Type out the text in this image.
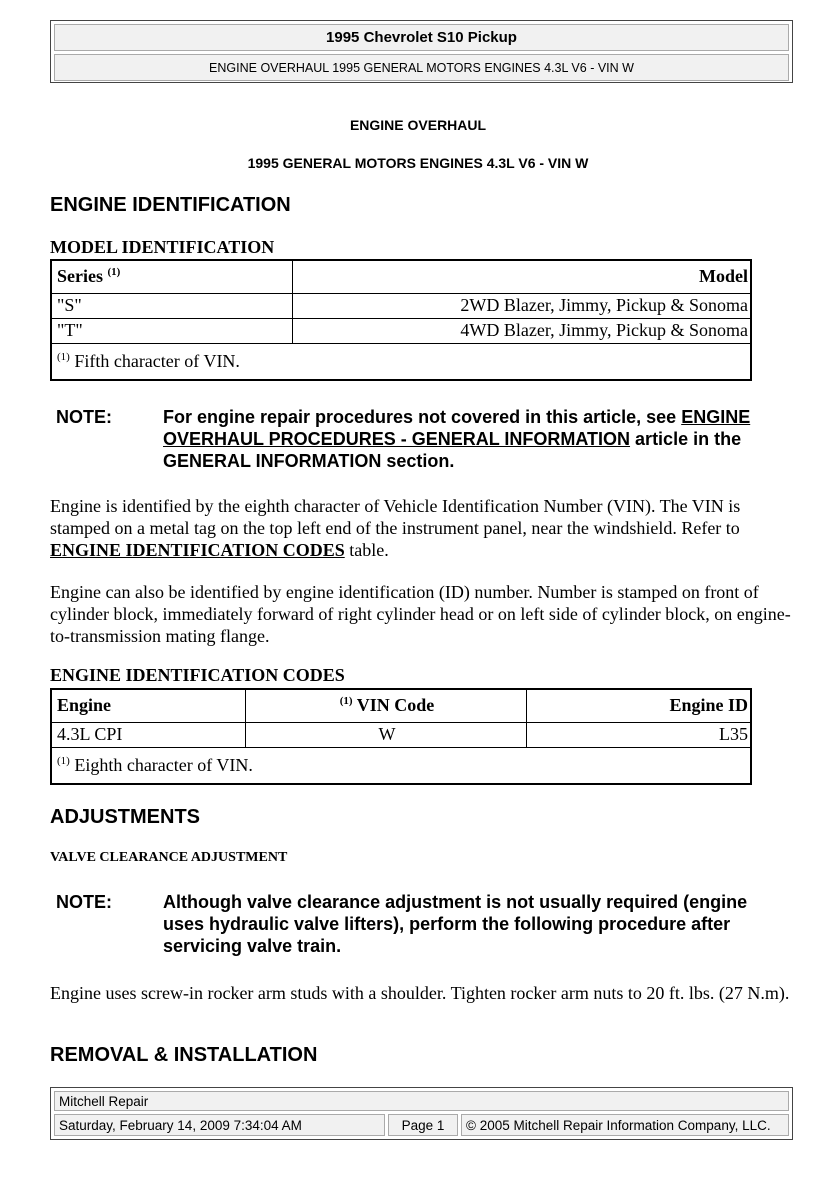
1995 Chevrolet S10 Pickup
ENGINE OVERHAUL 1995 GENERAL MOTORS ENGINES 4.3L V6 - VIN W
ENGINE OVERHAUL
1995 GENERAL MOTORS ENGINES 4.3L V6 - VIN W
ENGINE IDENTIFICATION
MODEL IDENTIFICATION
Series $^{(1)}$	Model
"S"	2WD Blazer, Jimmy, Pickup & Sonoma
"T"	4WD Blazer, Jimmy, Pickup & Sonoma
$^{(1)}$ Fifth character of VIN.	
NOTE:	For engine repair procedures not covered in this article, see ENGINE OVERHAUL PROCEDURES - GENERAL INFORMATION article in the GENERAL INFORMATION section.
Engine is identified by the eighth character of Vehicle Identification Number (VIN). The VIN is stamped on a metal tag on the top left end of the instrument panel, near the windshield. Refer to ENGINE IDENTIFICATION CODES table.
Engine can also be identified by engine identification (ID) number. Number is stamped on front of cylinder block, immediately forward of right cylinder head or on left side of cylinder block, on engine-to-transmission mating flange.
ENGINE IDENTIFICATION CODES
Engine	$^{(1)}$ VIN Code	Engine ID
4.3L CPI	W	L35
$^{(1)}$ Eighth character of VIN.		
ADJUSTMENTS
VALVE CLEARANCE ADJUSTMENT
NOTE:	Although valve clearance adjustment is not usually required (engine uses hydraulic valve lifters), perform the following procedure after servicing valve train.
Engine uses screw-in rocker arm studs with a shoulder. Tighten rocker arm nuts to 20 ft. lbs. (27 N.m).
REMOVAL & INSTALLATION
Mitchell Repair
Saturday, February 14, 2009 7:34:04 AM	Page 1	© 2005 Mitchell Repair Information Company, LLC.
